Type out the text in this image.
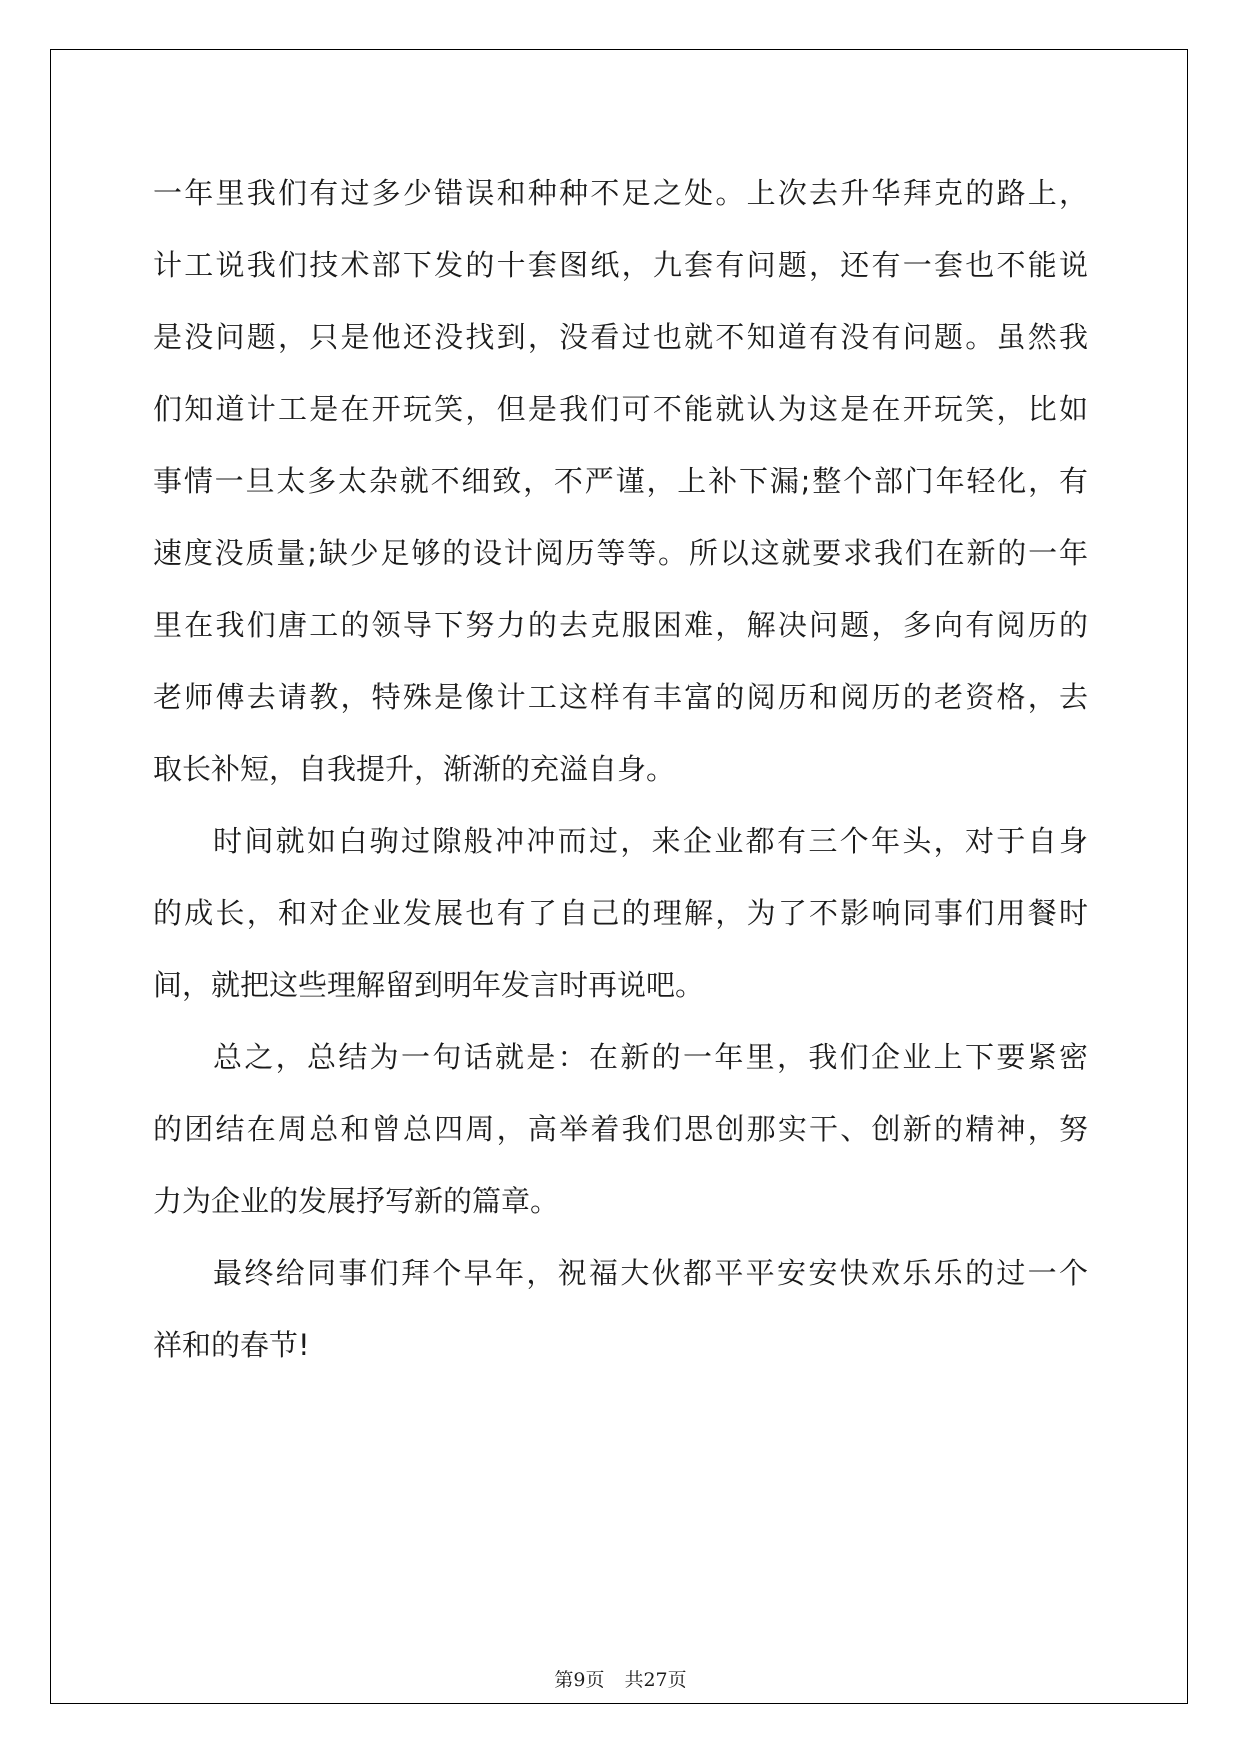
一年里我们有过多少错误和种种不足之处。上次去升华拜克的路上，
计工说我们技术部下发的十套图纸，九套有问题，还有一套也不能说
是没问题，只是他还没找到，没看过也就不知道有没有问题。虽然我
们知道计工是在开玩笑，但是我们可不能就认为这是在开玩笑，比如
事情一旦太多太杂就不细致，不严谨，上补下漏;整个部门年轻化，有
速度没质量;缺少足够的设计阅历等等。所以这就要求我们在新的一年
里在我们唐工的领导下努力的去克服困难，解决问题，多向有阅历的
老师傅去请教，特殊是像计工这样有丰富的阅历和阅历的老资格，去
取长补短，自我提升，渐渐的充溢自身。
时间就如白驹过隙般冲冲而过，来企业都有三个年头，对于自身
的成长，和对企业发展也有了自己的理解，为了不影响同事们用餐时
间，就把这些理解留到明年发言时再说吧。
总之，总结为一句话就是：在新的一年里，我们企业上下要紧密
的团结在周总和曾总四周，高举着我们思创那实干、创新的精神，努
力为企业的发展抒写新的篇章。
最终给同事们拜个早年，祝福大伙都平平安安快欢乐乐的过一个
祥和的春节!
第9页 共27页
